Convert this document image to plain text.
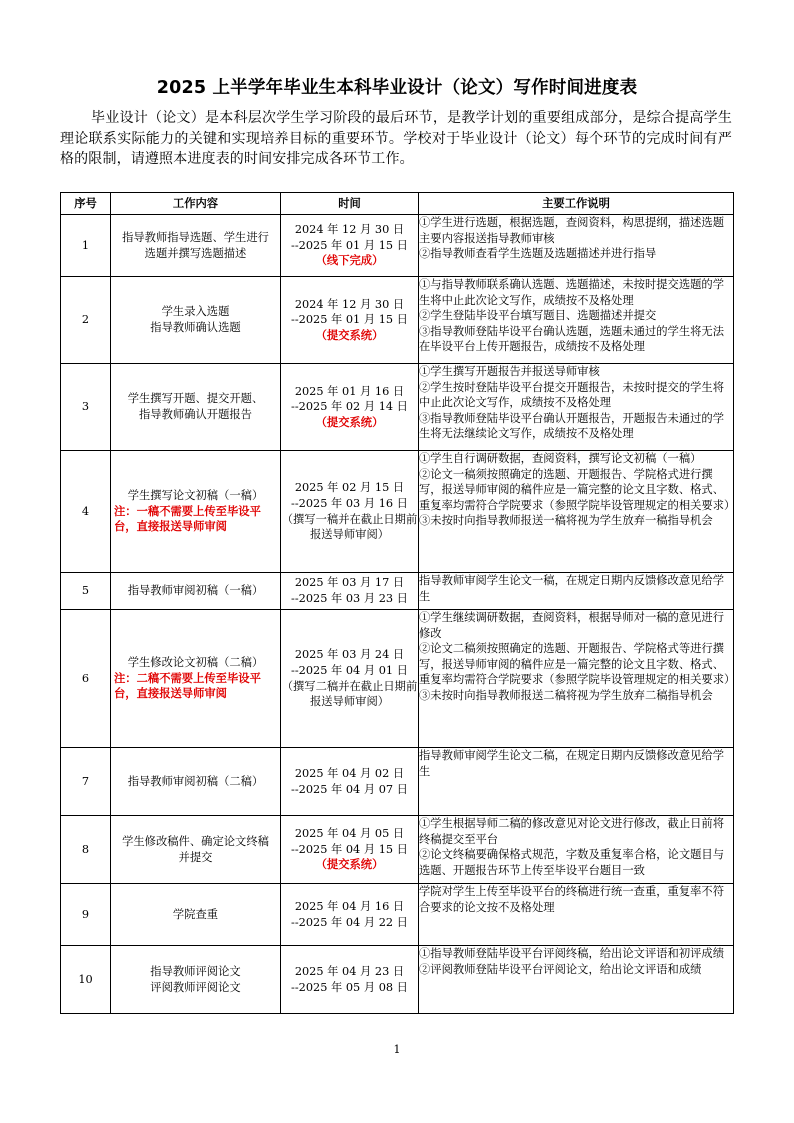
2025 上半学年毕业生本科毕业设计（论文）写作时间进度表

毕业设计（论文）是本科层次学生学习阶段的最后环节，是教学计划的重要组成部分，是综合提高学生理论联系实际能力的关键和实现培养目标的重要环节。学校对于毕业设计（论文）每个环节的完成时间有严格的限制，请遵照本进度表的时间安排完成各环节工作。

序号	工作内容	时间	主要工作说明
1	指导教师指导选题、学生进行
选题并撰写选题描述	2024 年 12 月 30 日
--2025 年 01 月 15 日
（线下完成）	①学生进行选题，根据选题，查阅资料，构思提纲，描述选题主要内容报送指导教师审核
②指导教师查看学生选题及选题描述并进行指导

2	学生录入选题
指导教师确认选题	2024 年 12 月 30 日
--2025 年 01 月 15 日
（提交系统）	①与指导教师联系确认选题、选题描述，未按时提交选题的学生将中止此次论文写作，成绩按不及格处理
②学生登陆毕设平台填写题目、选题描述并提交
③指导教师登陆毕设平台确认选题，选题未通过的学生将无法在毕设平台上传开题报告，成绩按不及格处理

3	学生撰写开题、提交开题、
指导教师确认开题报告	2025 年 01 月 16 日
--2025 年 02 月 14 日
（提交系统）	①学生撰写开题报告并报送导师审核
②学生按时登陆毕设平台提交开题报告，未按时提交的学生将中止此次论文写作，成绩按不及格处理
③指导教师登陆毕设平台确认开题报告，开题报告未通过的学生将无法继续论文写作，成绩按不及格处理

4	学生撰写论文初稿（一稿）
注：一稿不需要上传至毕设平台，直接报送导师审阅	2025 年 02 月 15 日
--2025 年 03 月 16 日
（撰写一稿并在截止日期前报送导师审阅）	①学生自行调研数据，查阅资料，撰写论文初稿（一稿）
②论文一稿须按照确定的选题、开题报告、学院格式进行撰写，报送导师审阅的稿件应是一篇完整的论文且字数、格式、重复率均需符合学院要求（参照学院毕设管理规定的相关要求）
③未按时向指导教师报送一稿将视为学生放弃一稿指导机会

5	指导教师审阅初稿（一稿）	2025 年 03 月 17 日
--2025 年 03 月 23 日	指导教师审阅学生论文一稿，在规定日期内反馈修改意见给学生

6	学生修改论文初稿（二稿）
注：二稿不需要上传至毕设平台，直接报送导师审阅	2025 年 03 月 24 日
--2025 年 04 月 01 日
（撰写二稿并在截止日期前报送导师审阅）	①学生继续调研数据，查阅资料，根据导师对一稿的意见进行修改
②论文二稿须按照确定的选题、开题报告、学院格式等进行撰写，报送导师审阅的稿件应是一篇完整的论文且字数、格式、重复率均需符合学院要求（参照学院毕设管理规定的相关要求）
③未按时向指导教师报送二稿将视为学生放弃二稿指导机会

7	指导教师审阅初稿（二稿）	2025 年 04 月 02 日
--2025 年 04 月 07 日	指导教师审阅学生论文二稿，在规定日期内反馈修改意见给学生

8	学生修改稿件、确定论文终稿
并提交	2025 年 04 月 05 日
--2025 年 04 月 15 日
（提交系统）	①学生根据导师二稿的修改意见对论文进行修改，截止日前将终稿提交至平台
②论文终稿要确保格式规范，字数及重复率合格，论文题目与选题、开题报告环节上传至毕设平台题目一致

9	学院查重	2025 年 04 月 16 日
--2025 年 04 月 22 日	学院对学生上传至毕设平台的终稿进行统一查重，重复率不符合要求的论文按不及格处理

10	指导教师评阅论文
评阅教师评阅论文	2025 年 04 月 23 日
--2025 年 05 月 08 日	①指导教师登陆毕设平台评阅终稿，给出论文评语和初评成绩
②评阅教师登陆毕设平台评阅论文，给出论文评语和成绩
1
